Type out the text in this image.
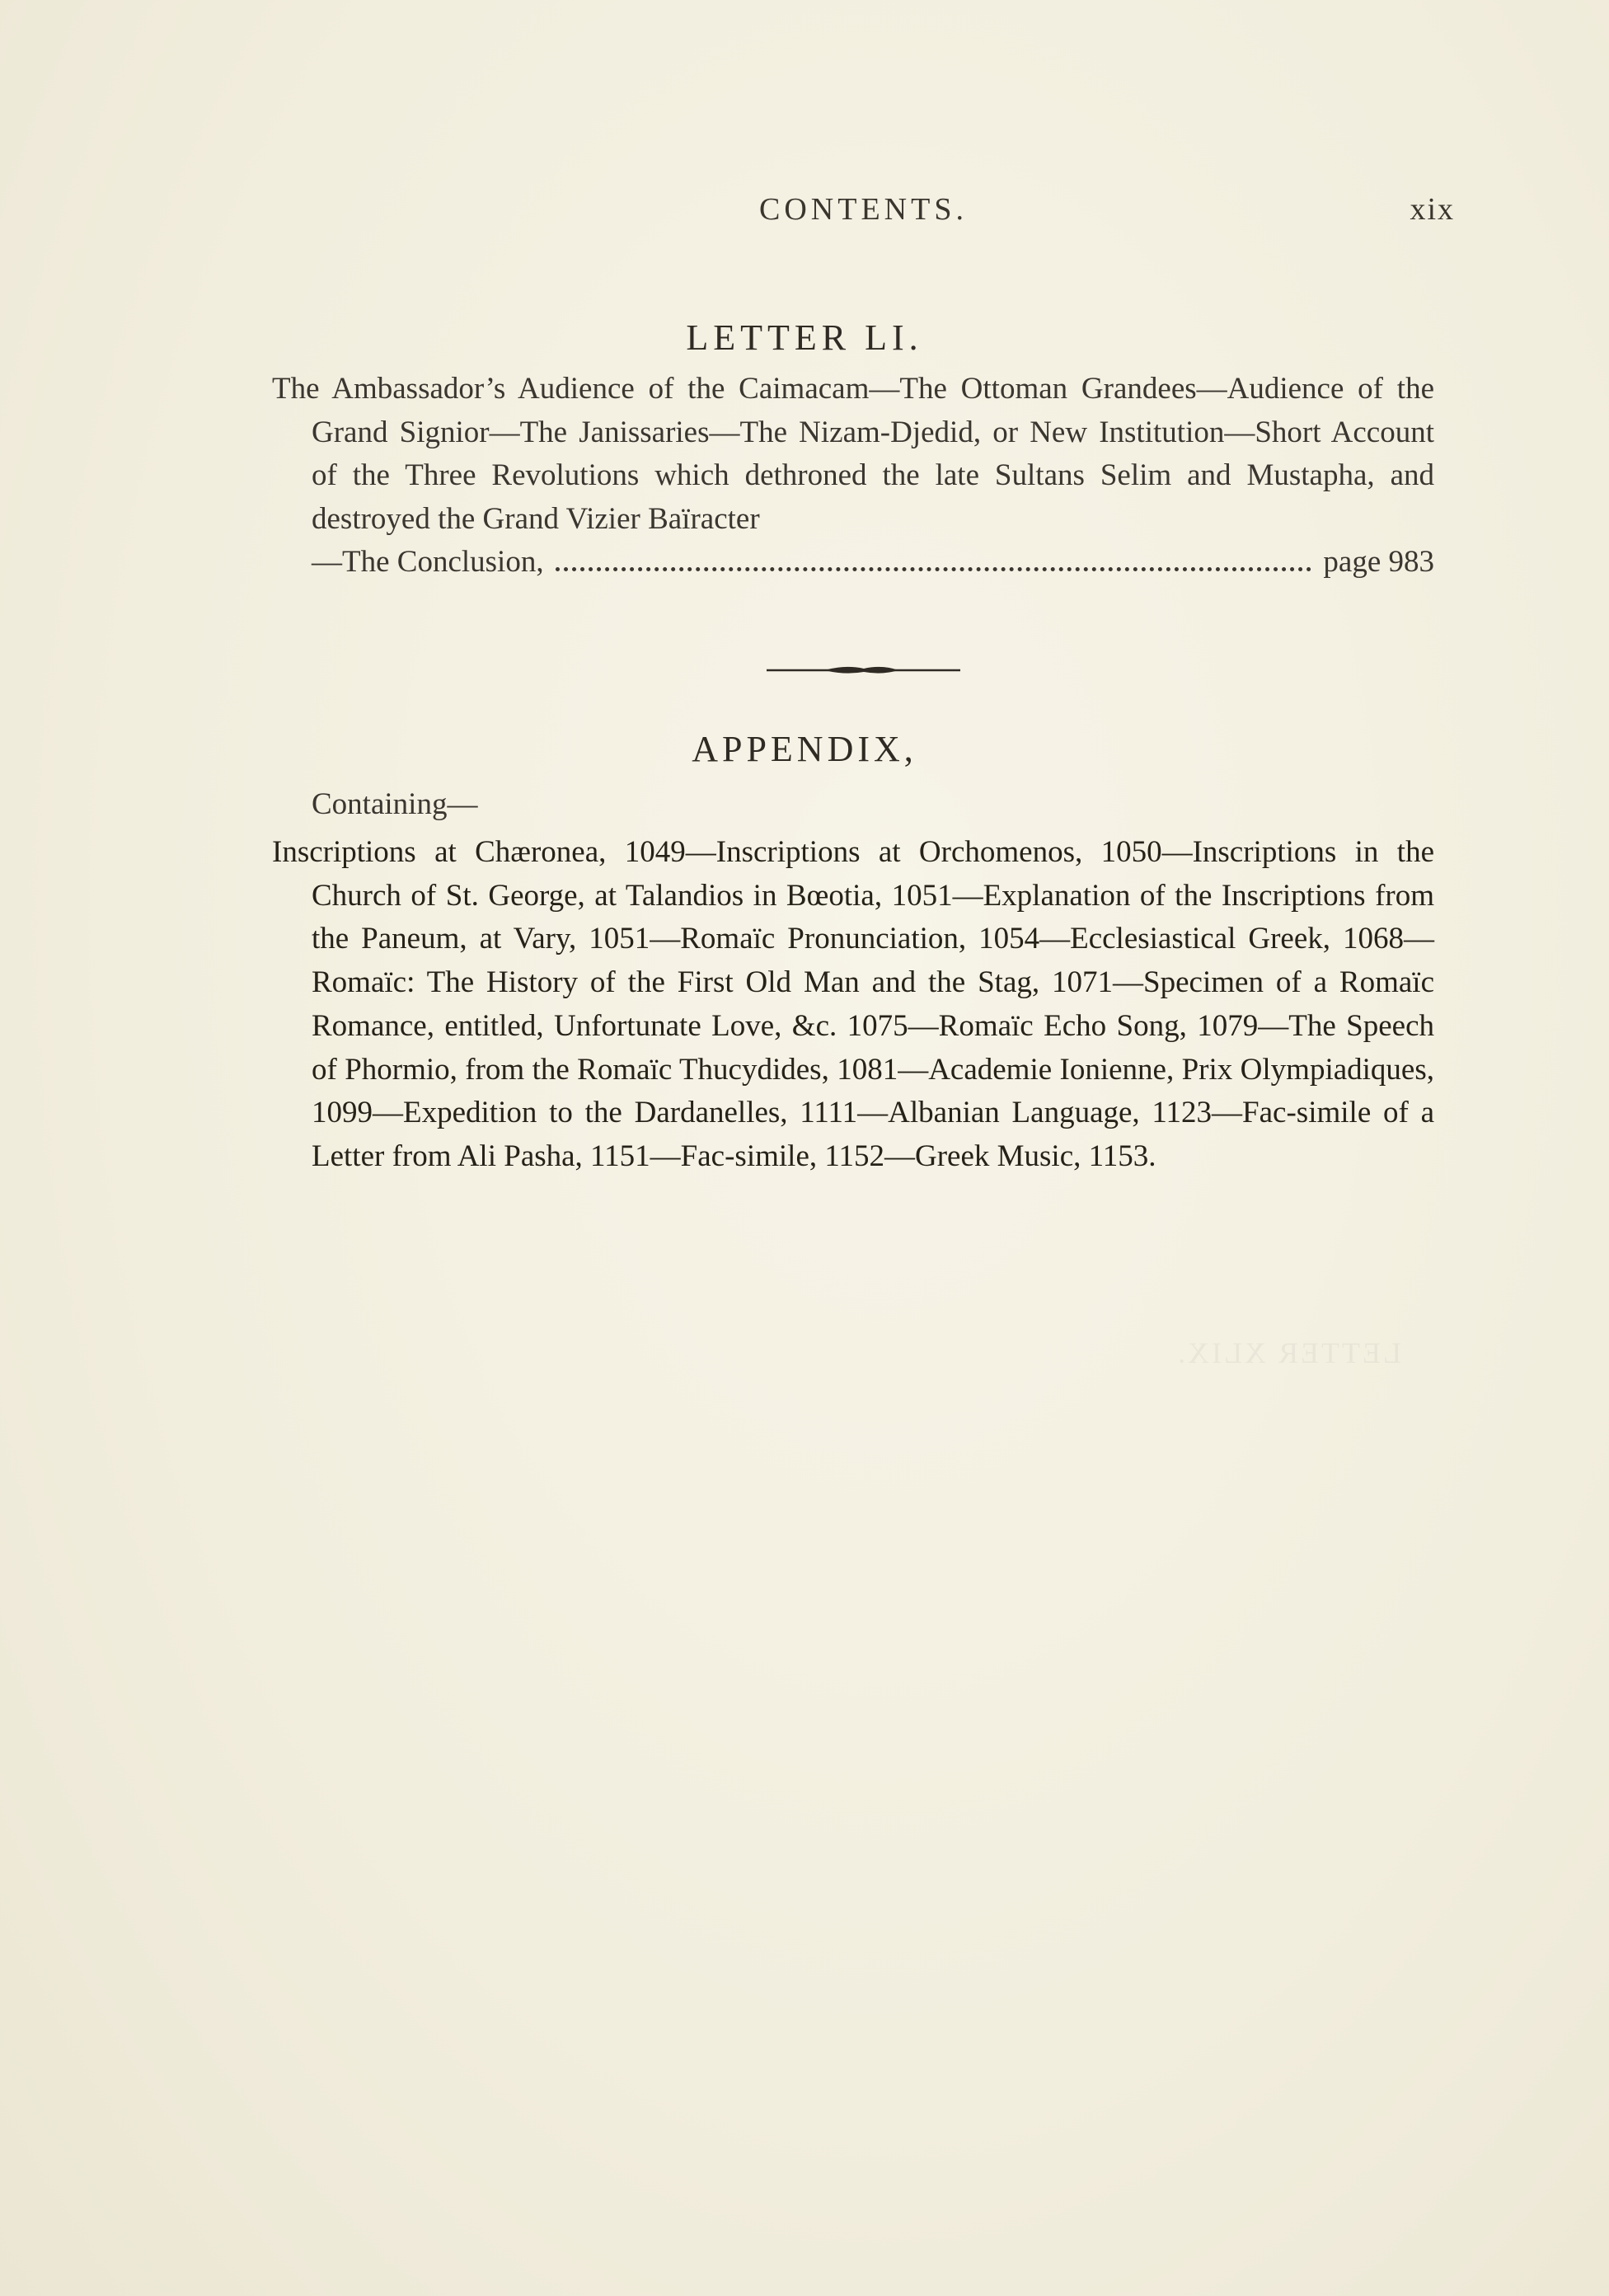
CONTENTS.	xix
LETTER LI.

The Ambassador’s Audience of the Caimacam—The Ottoman Grandees—Audience of the Grand Signior—The Janissaries—The Nizam-Djedid, or New Institution—Short Account of the Three Revolutions which dethroned the late Sultans Selim and Mustapha, and destroyed the Grand Vizier Baïracter

—The Conclusion,	page 983
APPENDIX,
Containing—

Inscriptions at Chæronea, 1049—Inscriptions at Orchomenos, 1050—Inscriptions in the Church of St. George, at Talandios in Bœotia, 1051—Explanation of the Inscriptions from the Paneum, at Vary, 1051—Romaïc Pronunciation, 1054—Ecclesiastical Greek, 1068—Romaïc: The History of the First Old Man and the Stag, 1071—Specimen of a Romaïc Romance, entitled, Unfortunate Love, &c. 1075—Romaïc Echo Song, 1079—The Speech of Phormio, from the Romaïc Thucydides, 1081—Academie Ionienne, Prix Olympiadiques, 1099—Expedition to the Dardanelles, 1111—Albanian Language, 1123—Fac-simile of a Letter from Ali Pasha, 1151—Fac-simile, 1152—Greek Music, 1153.

LETTER XLIX.
